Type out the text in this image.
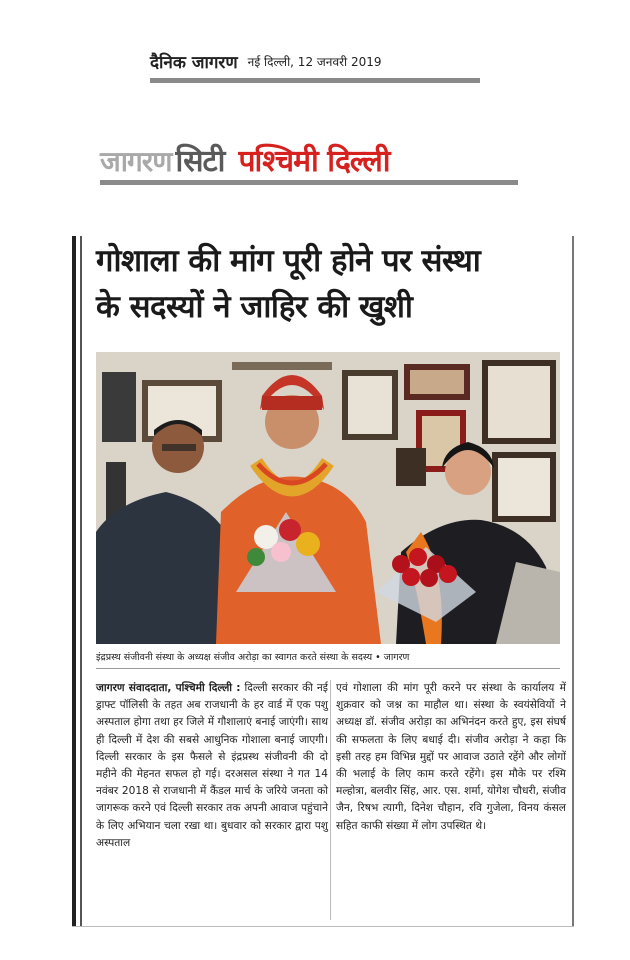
दैनिक जागरण नई दिल्ली, 12 जनवरी 2019
जागरण सिटी पश्चिमी दिल्ली
गोशाला की मांग पूरी होने पर संस्था
के सदस्यों ने जाहिर की खुशी
इंद्रप्रस्थ संजीवनी संस्था के अध्यक्ष संजीव अरोड़ा का स्वागत करते संस्था के सदस्य • जागरण
जागरण संवाददाता, पश्चिमी दिल्ली : दिल्ली सरकार की नई ड्राफ्ट पॉलिसी के तहत अब राजधानी के हर वार्ड में एक पशु अस्पताल होगा तथा हर जिले में गौशालाएं बनाई जाएंगी। साथ ही दिल्ली में देश की सबसे आधुनिक गोशाला बनाई जाएगी। दिल्ली सरकार के इस फैसले से इंद्रप्रस्थ संजीवनी की दो महीने की मेहनत सफल हो गई। दरअसल संस्था ने गत 14 नवंबर 2018 से राजधानी में कैंडल मार्च के जरिये जनता को जागरूक करने एवं दिल्ली सरकार तक अपनी आवाज पहुंचाने के लिए अभियान चला रखा था। बुधवार को सरकार द्वारा पशु अस्पताल
एवं गोशाला की मांग पूरी करने पर संस्था के कार्यालय में शुक्रवार को जश्न का माहौल था। संस्था के स्वयंसेवियों ने अध्यक्ष डॉ. संजीव अरोड़ा का अभिनंदन करते हुए, इस संघर्ष की सफलता के लिए बधाई दी। संजीव अरोड़ा ने कहा कि इसी तरह हम विभिन्न मुद्दों पर आवाज उठाते रहेंगे और लोगों की भलाई के लिए काम करते रहेंगे। इस मौके पर रश्मि मल्होत्रा, बलवीर सिंह, आर. एस. शर्मा, योगेश चौधरी, संजीव जैन, रिषभ त्यागी, दिनेश चौहान, रवि गुजेला, विनय कंसल सहित काफी संख्या में लोग उपस्थित थे।
